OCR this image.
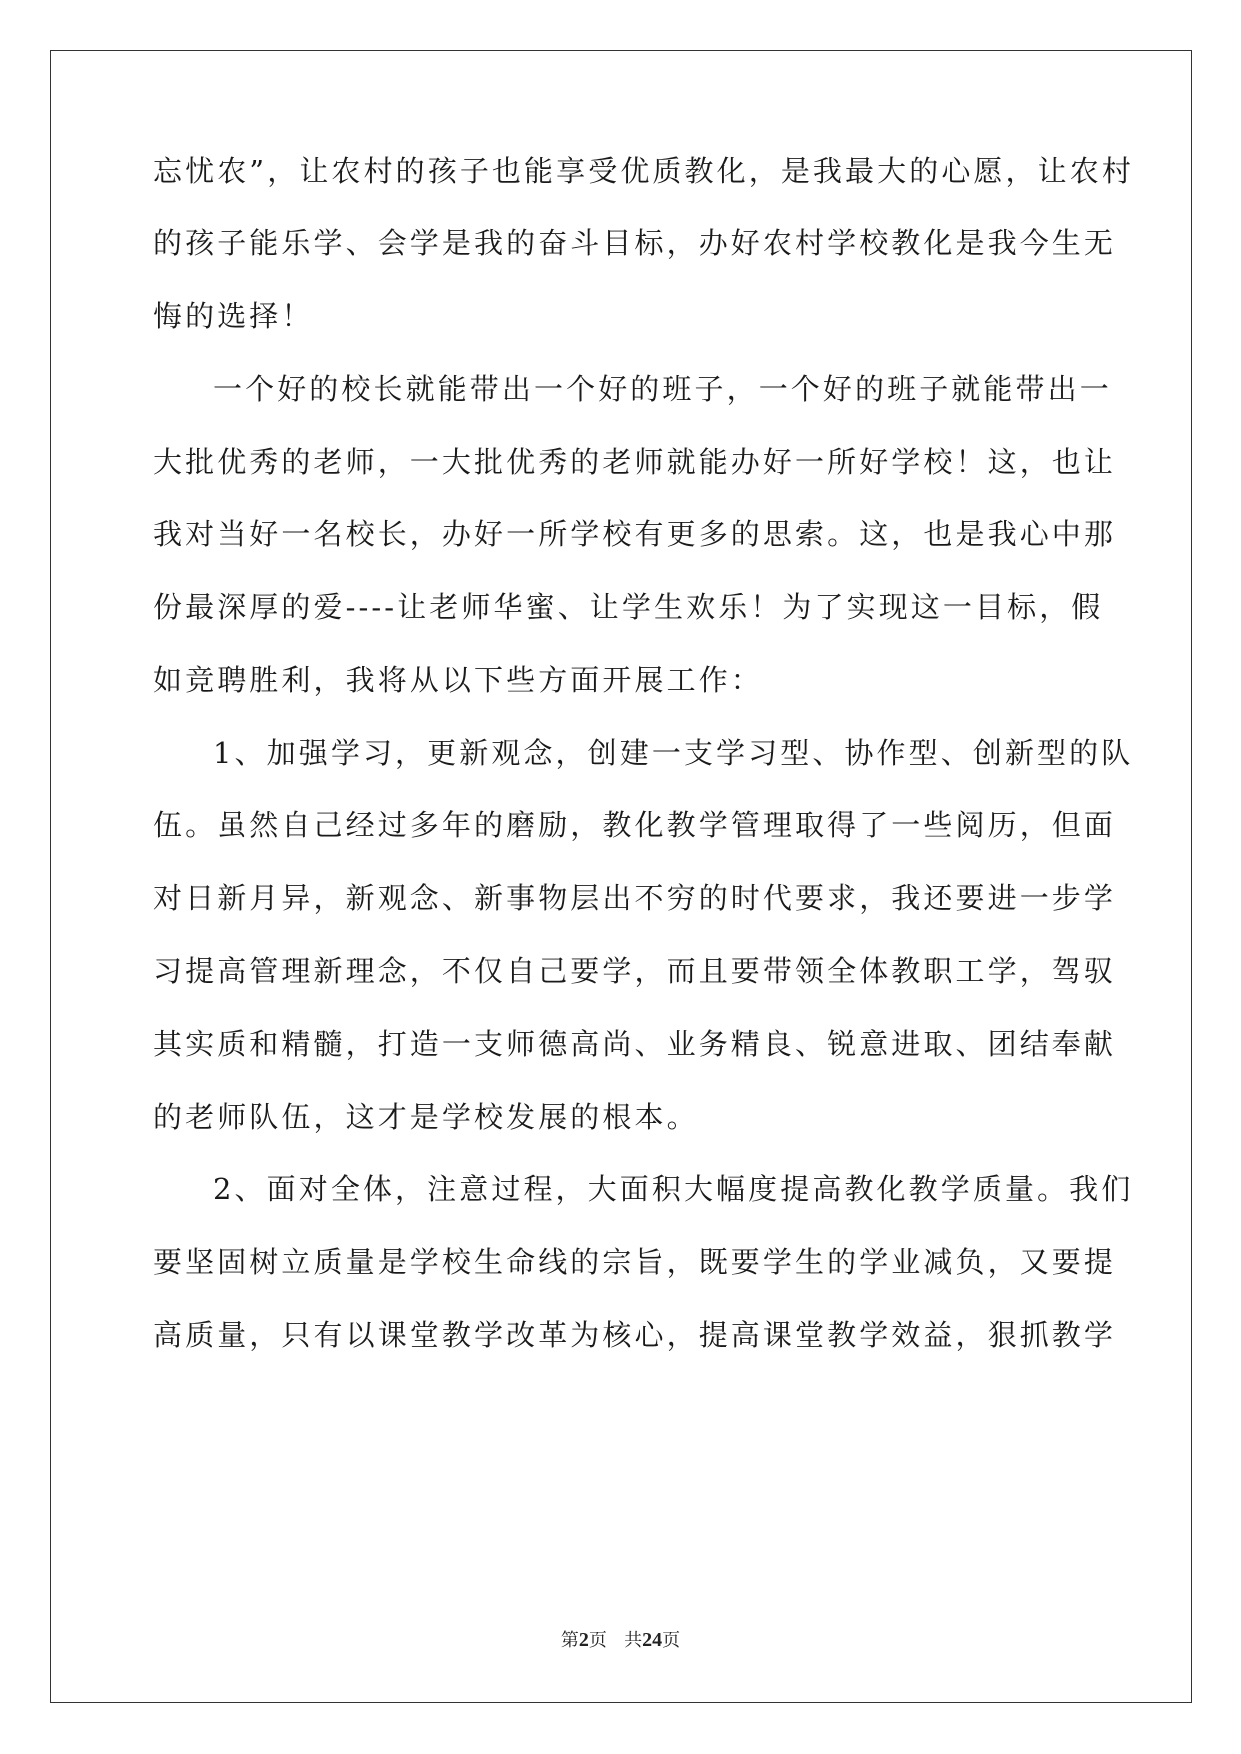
忘忧农”，让农村的孩子也能享受优质教化，是我最大的心愿，让农村
的孩子能乐学、会学是我的奋斗目标，办好农村学校教化是我今生无
悔的选择！
一个好的校长就能带出一个好的班子，一个好的班子就能带出一
大批优秀的老师，一大批优秀的老师就能办好一所好学校！这，也让
我对当好一名校长，办好一所学校有更多的思索。这，也是我心中那
份最深厚的爱----让老师华蜜、让学生欢乐！为了实现这一目标，假
如竞聘胜利，我将从以下些方面开展工作：
1、加强学习，更新观念，创建一支学习型、协作型、创新型的队
伍。虽然自己经过多年的磨励，教化教学管理取得了一些阅历，但面
对日新月异，新观念、新事物层出不穷的时代要求，我还要进一步学
习提高管理新理念，不仅自己要学，而且要带领全体教职工学，驾驭
其实质和精髓，打造一支师德高尚、业务精良、锐意进取、团结奉献
的老师队伍，这才是学校发展的根本。
2、面对全体，注意过程，大面积大幅度提高教化教学质量。我们
要坚固树立质量是学校生命线的宗旨，既要学生的学业减负，又要提
高质量，只有以课堂教学改革为核心，提高课堂教学效益，狠抓教学
第2页 共24页
